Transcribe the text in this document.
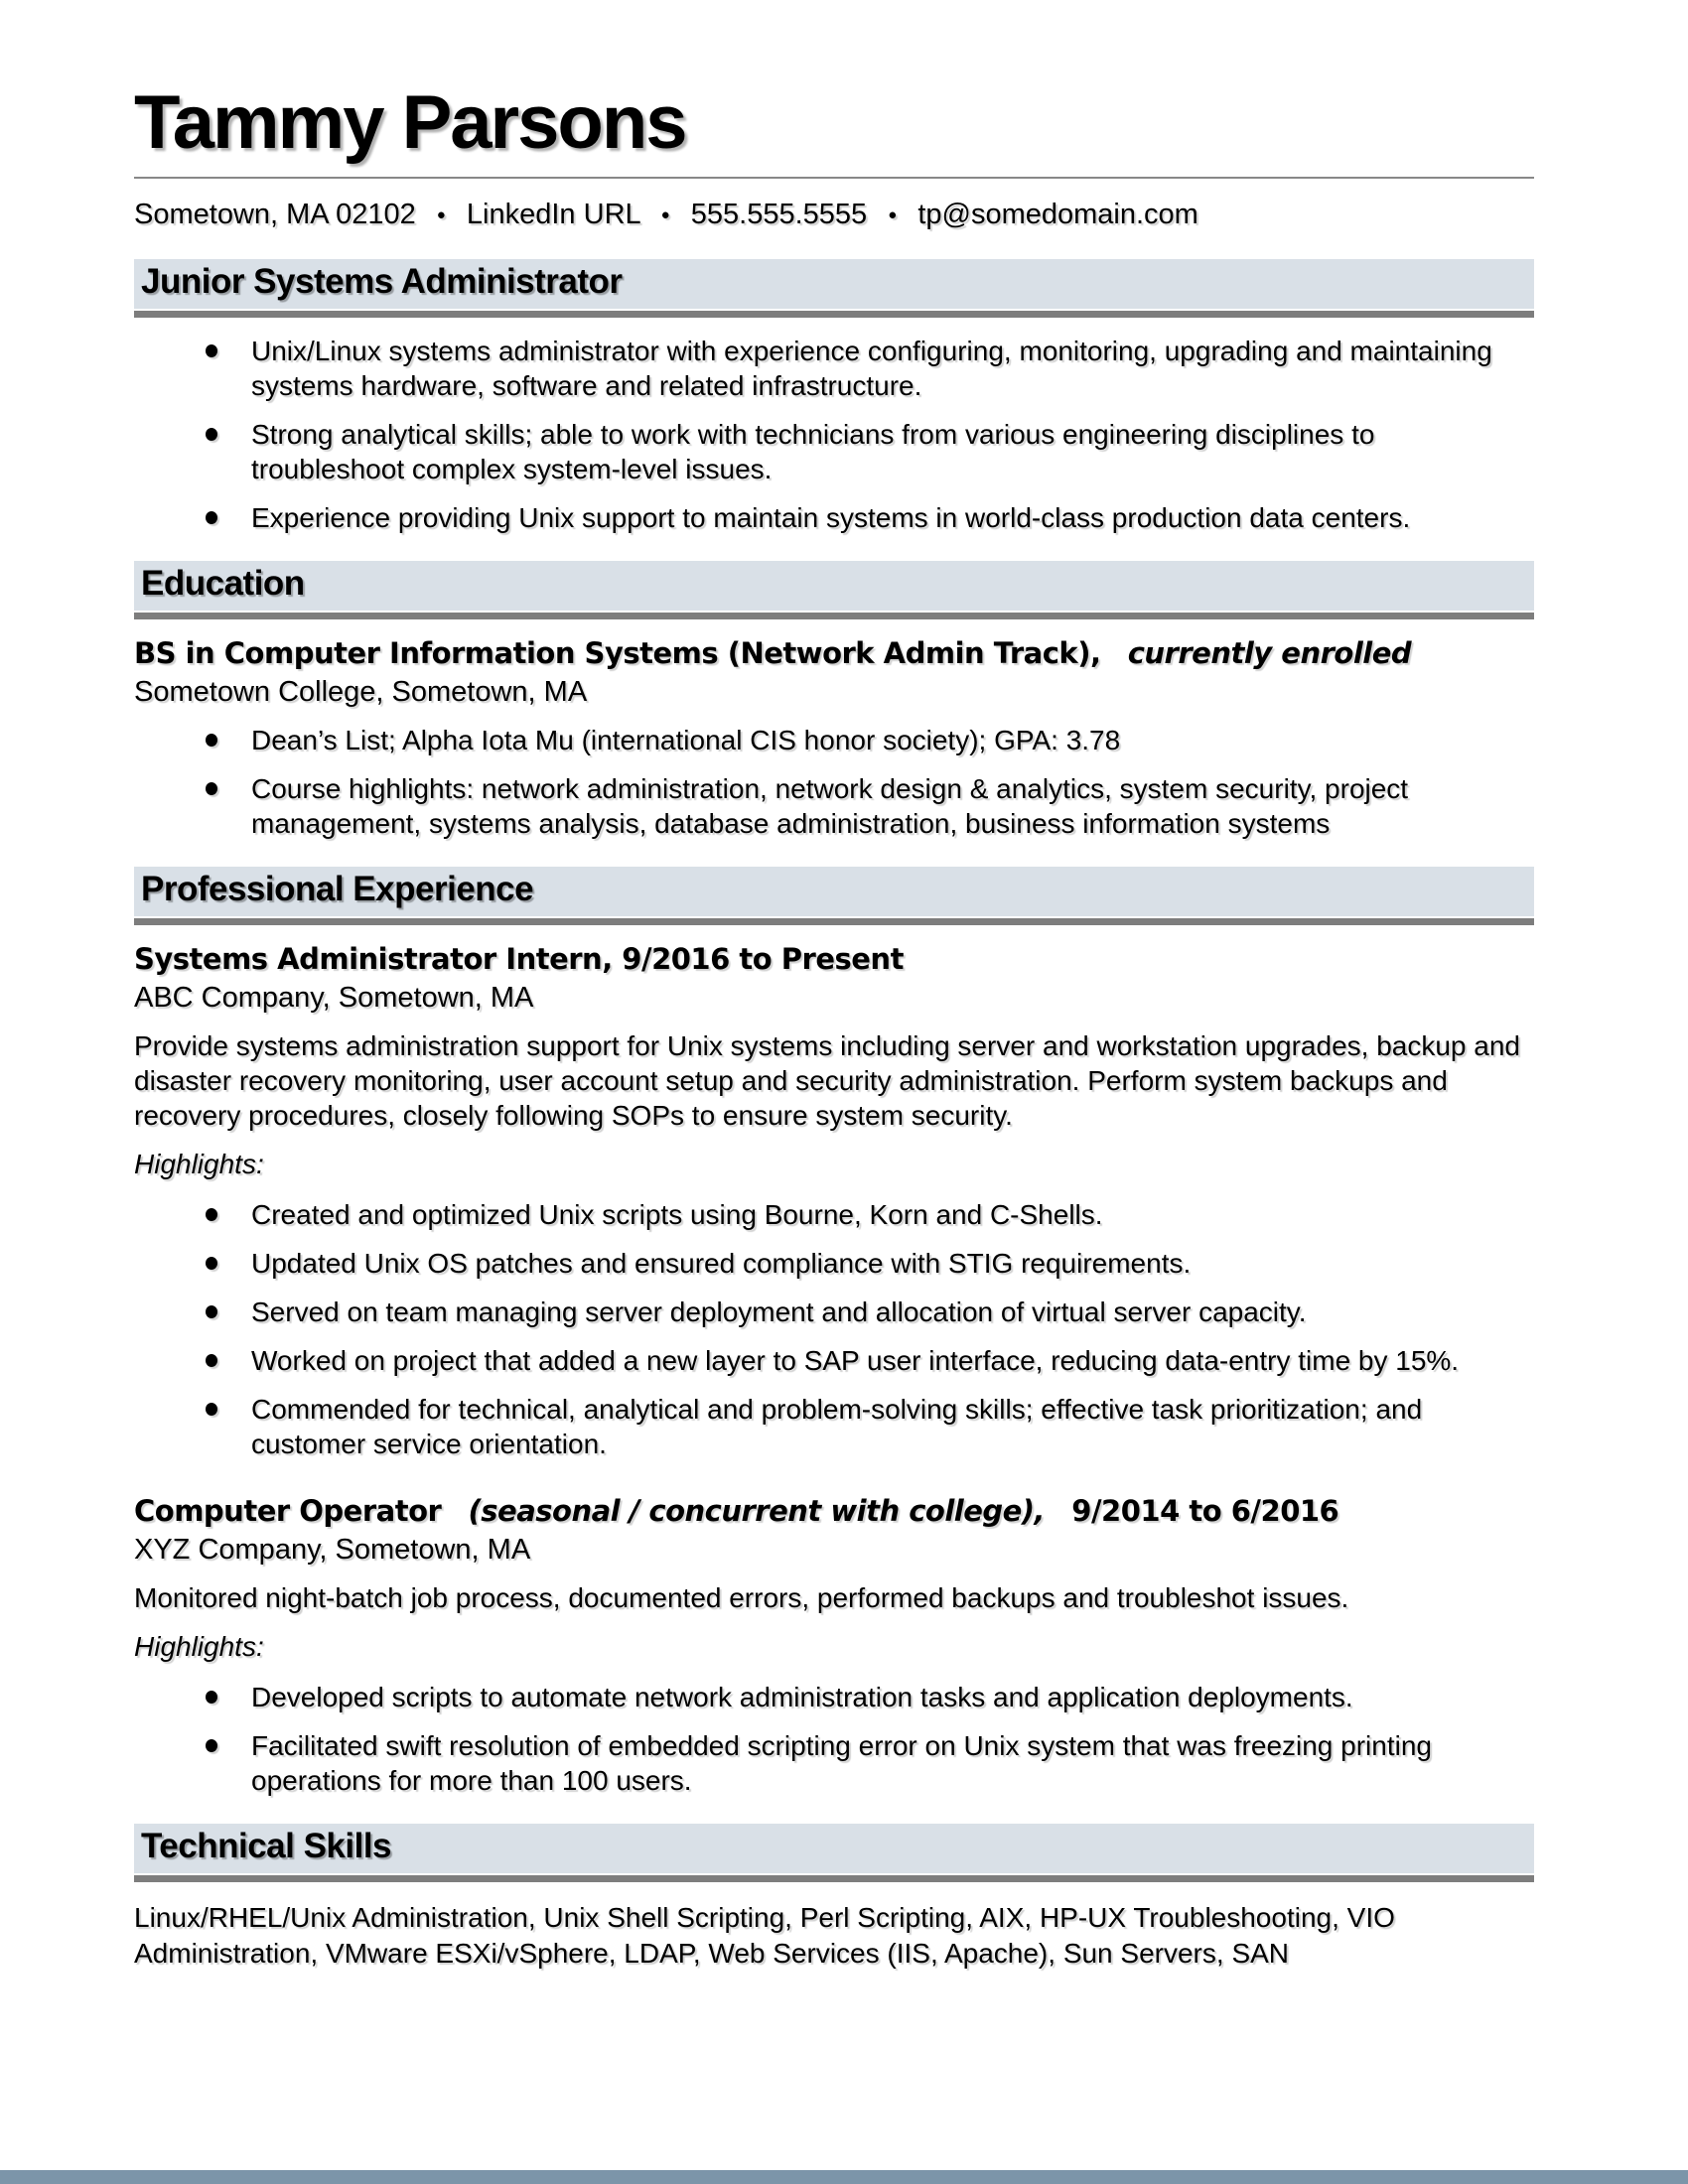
Tammy Parsons
Sometown, MA 02102 ● LinkedIn URL ● 555.555.5555 ● tp@somedomain.com
Junior Systems Administrator
Unix/Linux systems administrator with experience configuring, monitoring, upgrading and maintaining systems hardware, software and related infrastructure.
Strong analytical skills; able to work with technicians from various engineering disciplines to troubleshoot complex system-level issues.
Experience providing Unix support to maintain systems in world-class production data centers.
Education
BS in Computer Information Systems (Network Admin Track), currently enrolled
Sometown College, Sometown, MA
Dean’s List; Alpha Iota Mu (international CIS honor society); GPA: 3.78
Course highlights: network administration, network design & analytics, system security, project management, systems analysis, database administration, business information systems
Professional Experience
Systems Administrator Intern, 9/2016 to Present
ABC Company, Sometown, MA

Provide systems administration support for Unix systems including server and workstation upgrades, backup and disaster recovery monitoring, user account setup and security administration. Perform system backups and recovery procedures, closely following SOPs to ensure system security.

Highlights:
Created and optimized Unix scripts using Bourne, Korn and C-Shells.
Updated Unix OS patches and ensured compliance with STIG requirements.
Served on team managing server deployment and allocation of virtual server capacity.
Worked on project that added a new layer to SAP user interface, reducing data-entry time by 15%.
Commended for technical, analytical and problem-solving skills; effective task prioritization; and customer service orientation.
Computer Operator (seasonal / concurrent with college), 9/2014 to 6/2016
XYZ Company, Sometown, MA

Monitored night-batch job process, documented errors, performed backups and troubleshot issues.

Highlights:
Developed scripts to automate network administration tasks and application deployments.
Facilitated swift resolution of embedded scripting error on Unix system that was freezing printing operations for more than 100 users.
Technical Skills
Linux/RHEL/Unix Administration, Unix Shell Scripting, Perl Scripting, AIX, HP-UX Troubleshooting, VIO Administration, VMware ESXi/vSphere, LDAP, Web Services (IIS, Apache), Sun Servers, SAN
